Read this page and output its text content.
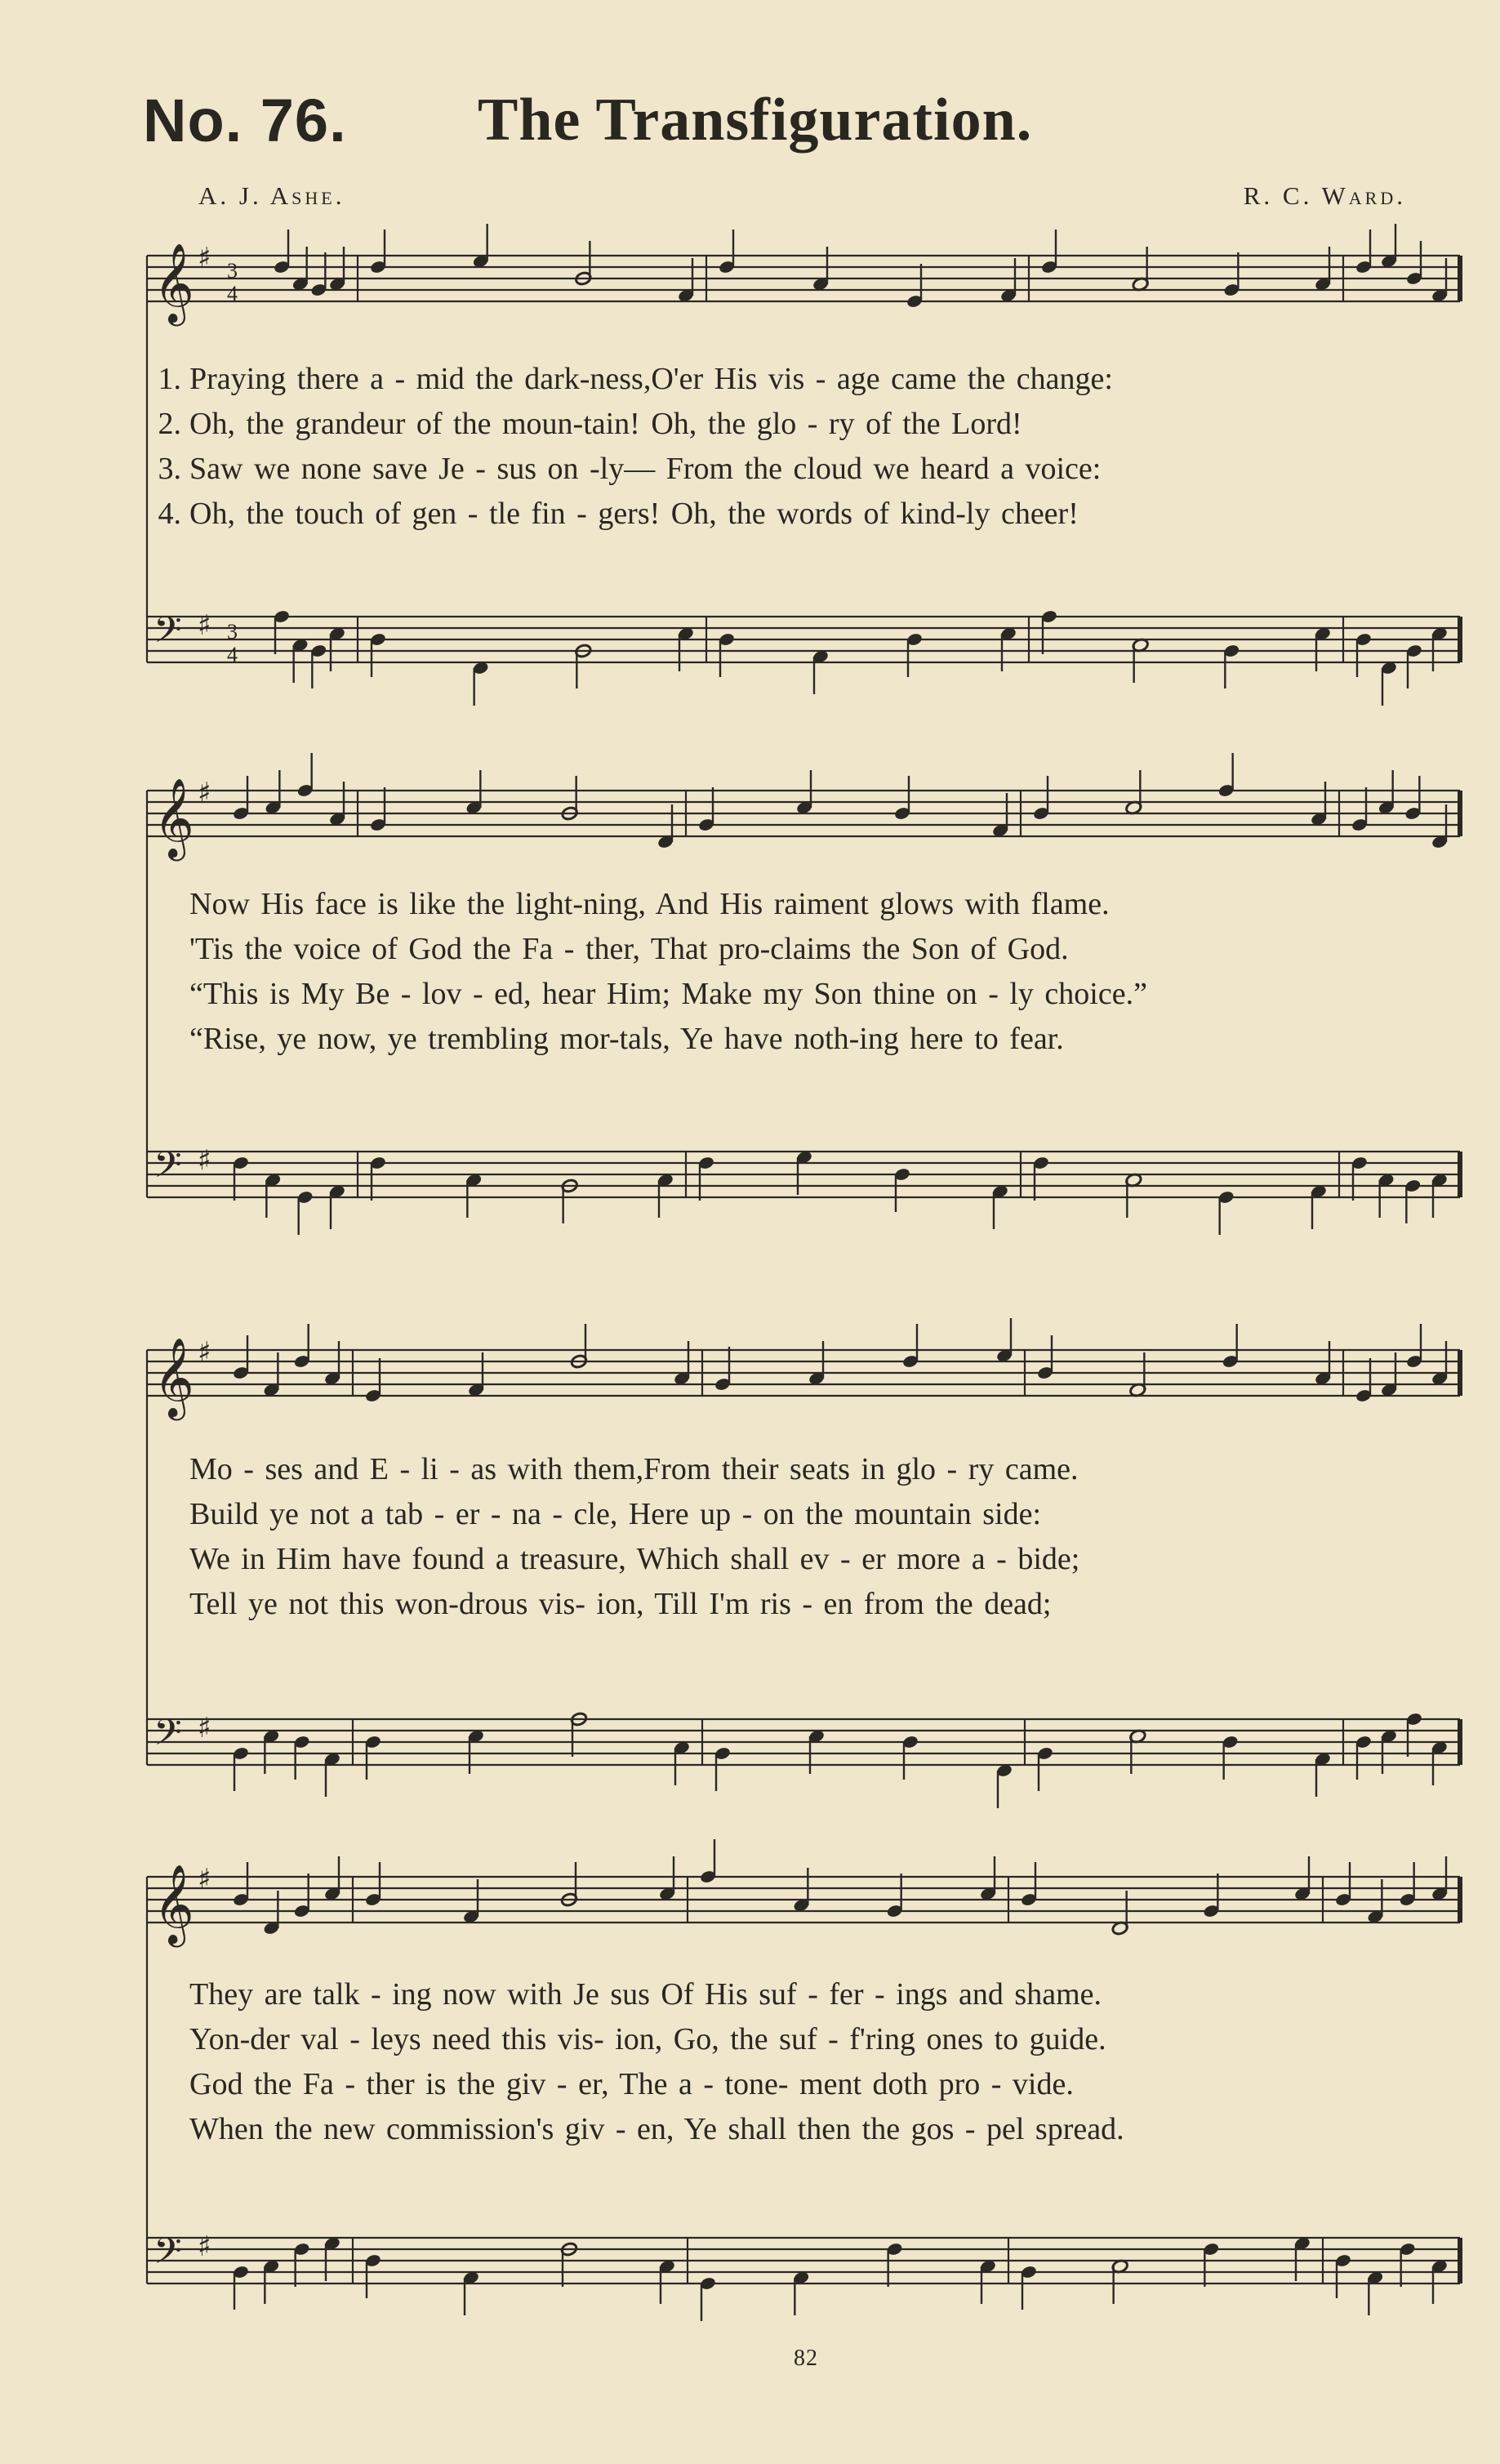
No. 76. The Transfiguration.
A. J. Ashe.	R. C. Ward.
𝄞 ♯ 3
4
𝄢 ♯ 3
4
1. Praying there a - mid the dark-ness,O'er His vis - age came the change:
2. Oh, the grandeur of the moun-tain! Oh, the glo - ry of the Lord!
3. Saw we none save Je - sus on -ly— From the cloud we heard a voice:
4. Oh, the touch of gen - tle fin - gers! Oh, the words of kind-ly cheer!
𝄞 ♯
𝄢 ♯
Now His face is like the light-ning, And His raiment glows with flame.
'Tis the voice of God the Fa - ther, That pro-claims the Son of God.
“This is My Be - lov - ed, hear Him; Make my Son thine on - ly choice.”
“Rise, ye now, ye trembling mor-tals, Ye have noth-ing here to fear.
𝄞 ♯
𝄢 ♯
Mo - ses and E - li - as with them,From their seats in glo - ry came.
Build ye not a tab - er - na - cle, Here up - on the mountain side:
We in Him have found a treasure, Which shall ev - er more a - bide;
Tell ye not this won-drous vis- ion, Till I'm ris - en from the dead;
𝄞 ♯
𝄢 ♯
They are talk - ing now with Je sus Of His suf - fer - ings and shame.
Yon-der val - leys need this vis- ion, Go, the suf - f'ring ones to guide.
God the Fa - ther is the giv - er, The a - tone- ment doth pro - vide.
When the new commission's giv - en, Ye shall then the gos - pel spread.
82
